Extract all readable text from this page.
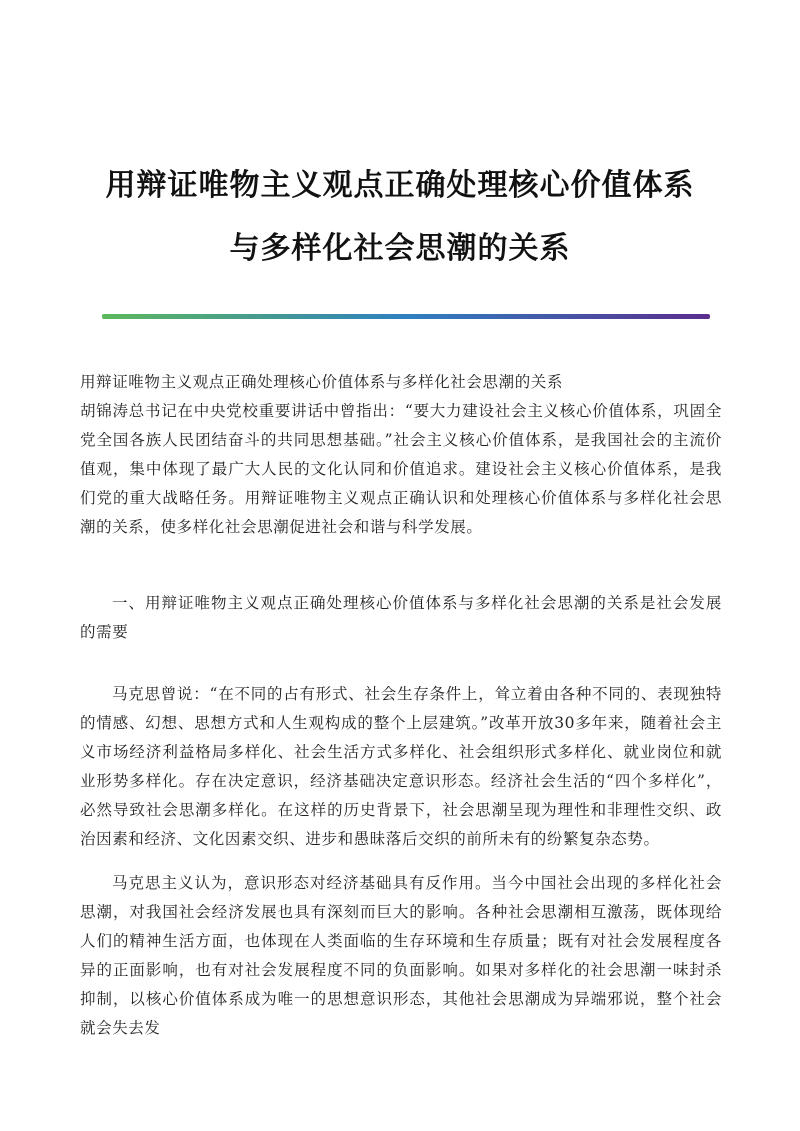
用辩证唯物主义观点正确处理核心价值体系
与多样化社会思潮的关系

用辩证唯物主义观点正确处理核心价值体系与多样化社会思潮的关系

胡锦涛总书记在中央党校重要讲话中曾指出：“要大力建设社会主义核心价值体系，巩固全党全国各族人民团结奋斗的共同思想基础。”社会主义核心价值体系，是我国社会的主流价值观，集中体现了最广大人民的文化认同和价值追求。建设社会主义核心价值体系，是我们党的重大战略任务。用辩证唯物主义观点正确认识和处理核心价值体系与多样化社会思潮的关系，使多样化社会思潮促进社会和谐与科学发展。

一、用辩证唯物主义观点正确处理核心价值体系与多样化社会思潮的关系是社会发展的需要

马克思曾说：“在不同的占有形式、社会生存条件上，耸立着由各种不同的、表现独特的情感、幻想、思想方式和人生观构成的整个上层建筑。”改革开放30多年来，随着社会主义市场经济利益格局多样化、社会生活方式多样化、社会组织形式多样化、就业岗位和就业形势多样化。存在决定意识，经济基础决定意识形态。经济社会生活的“四个多样化”，必然导致社会思潮多样化。在这样的历史背景下，社会思潮呈现为理性和非理性交织、政治因素和经济、文化因素交织、进步和愚昧落后交织的前所未有的纷繁复杂态势。

马克思主义认为，意识形态对经济基础具有反作用。当今中国社会出现的多样化社会思潮，对我国社会经济发展也具有深刻而巨大的影响。各种社会思潮相互激荡，既体现给人们的精神生活方面，也体现在人类面临的生存环境和生存质量；既有对社会发展程度各异的正面影响，也有对社会发展程度不同的负面影响。如果对多样化的社会思潮一味封杀抑制，以核心价值体系成为唯一的思想意识形态，其他社会思潮成为异端邪说，整个社会就会失去发
